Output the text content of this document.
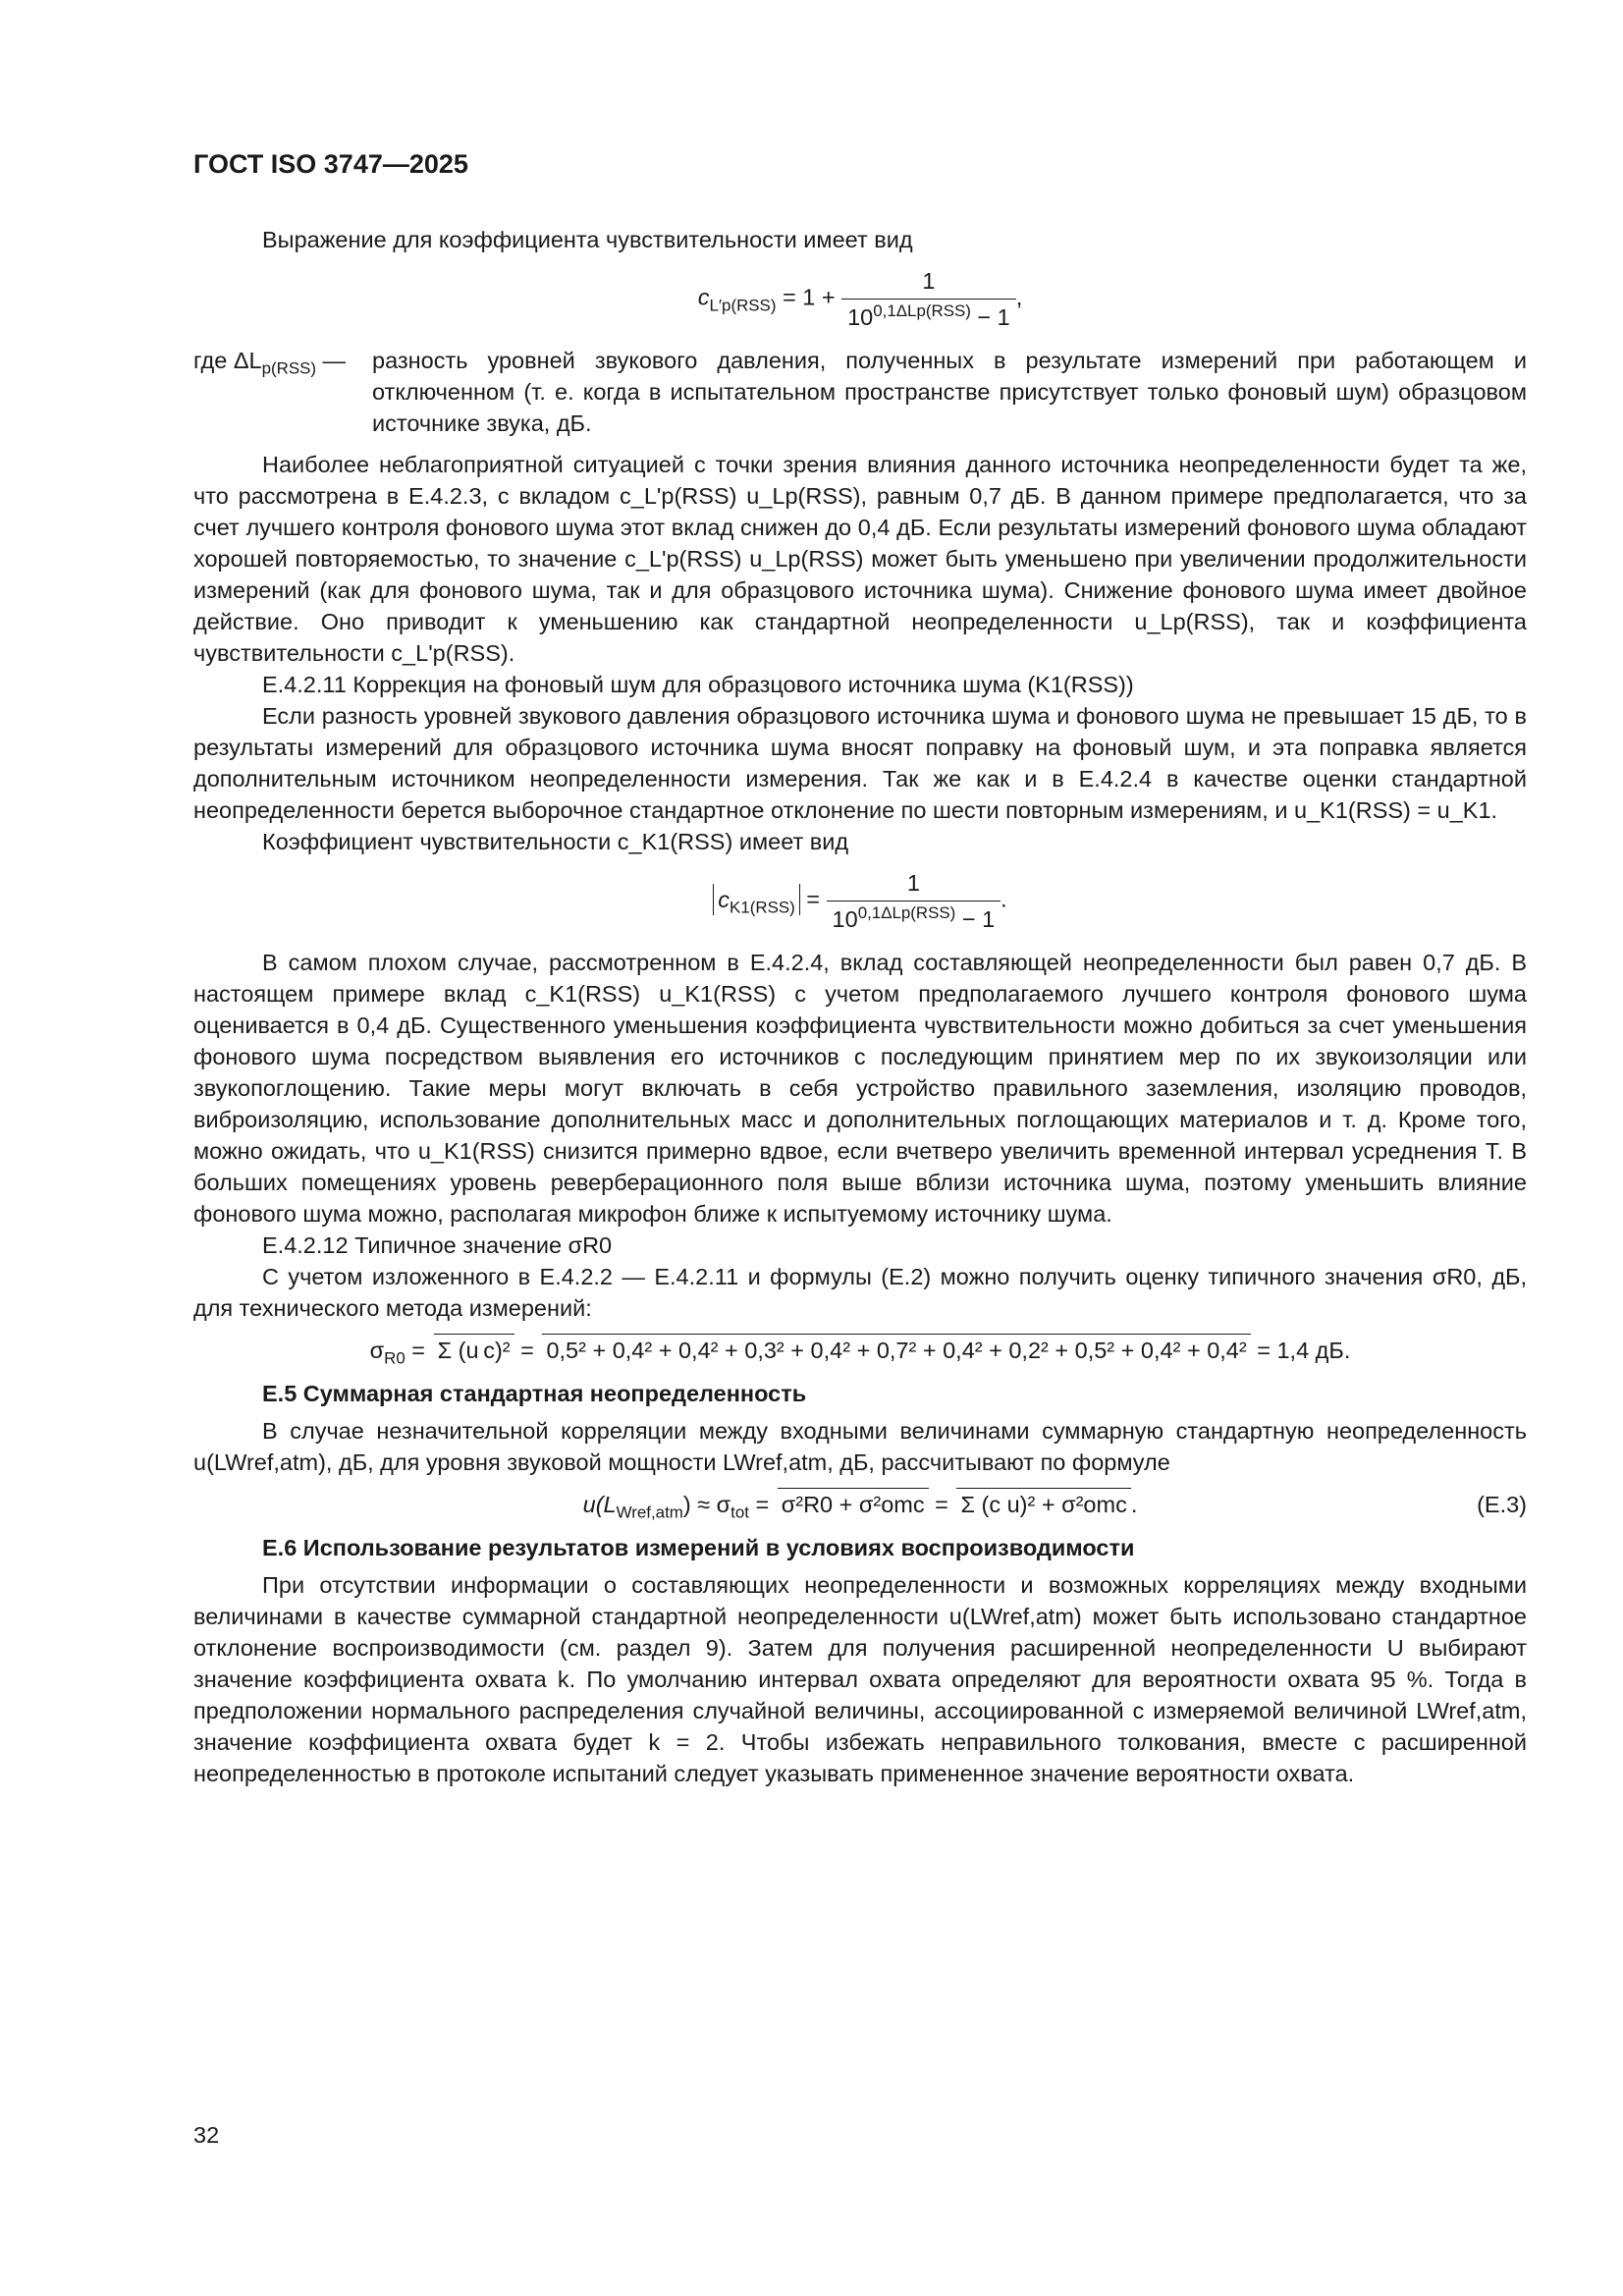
ГОСТ ISO 3747—2025

Выражение для коэффициента чувствительности имеет вид

$c_{L'p(RSS)} = 1 + \frac{1}{10^{0,1\Delta Lp(RSS)} - 1}$ ,
где $\Delta L_{p(RSS)}$ —	разность уровней звукового давления, полученных в результате измерений при работающем и отключенном (т. е. когда в испытательном пространстве присутствует только фоновый шум) образцовом источнике звука, дБ.

Наиболее неблагоприятной ситуацией с точки зрения влияния данного источника неопределенности будет та же, что рассмотрена в Е.4.2.3, с вкладом c_L'p(RSS) u_Lp(RSS), равным 0,7 дБ. В данном примере предполагается, что за счет лучшего контроля фонового шума этот вклад снижен до 0,4 дБ. Если результаты измерений фонового шума обладают хорошей повторяемостью, то значение c_L'p(RSS) u_Lp(RSS) может быть уменьшено при увеличении продолжительности измерений (как для фонового шума, так и для образцового источника шума). Снижение фонового шума имеет двойное действие. Оно приводит к уменьшению как стандартной неопределенности u_Lp(RSS), так и коэффициента чувствительности c_L'p(RSS).

Е.4.2.11 Коррекция на фоновый шум для образцового источника шума (K1(RSS))

Если разность уровней звукового давления образцового источника шума и фонового шума не превышает 15 дБ, то в результаты измерений для образцового источника шума вносят поправку на фоновый шум, и эта поправка является дополнительным источником неопределенности измерения. Так же как и в Е.4.2.4 в качестве оценки стандартной неопределенности берется выборочное стандартное отклонение по шести повторным измерениям, и u_K1(RSS) = u_K1.

Коэффициент чувствительности c_K1(RSS) имеет вид

$c_{K1(RSS)} = \frac{1}{10^{0,1\Delta Lp(RSS)} - 1}$ .

В самом плохом случае, рассмотренном в Е.4.2.4, вклад составляющей неопределенности был равен 0,7 дБ. В настоящем примере вклад c_K1(RSS) u_K1(RSS) с учетом предполагаемого лучшего контроля фонового шума оценивается в 0,4 дБ. Существенного уменьшения коэффициента чувствительности можно добиться за счет уменьшения фонового шума посредством выявления его источников с последующим принятием мер по их звукоизоляции или звукопоглощению. Такие меры могут включать в себя устройство правильного заземления, изоляцию проводов, виброизоляцию, использование дополнительных масс и дополнительных поглощающих материалов и т. д. Кроме того, можно ожидать, что u_K1(RSS) снизится примерно вдвое, если вчетверо увеличить временной интервал усреднения T. В больших помещениях уровень реверберационного поля выше вблизи источника шума, поэтому уменьшить влияние фонового шума можно, располагая микрофон ближе к испытуемому источнику шума.

Е.4.2.12 Типичное значение σR0

С учетом изложенного в Е.4.2.2 — Е.4.2.11 и формулы (Е.2) можно получить оценку типичного значения σR0, дБ, для технического метода измерений:

$\sigma_{R0} = \Sigma$ (u c)² = 0,5² + 0,4² + 0,4² + 0,3² + 0,4² + 0,7² + 0,4² + 0,2² + 0,5² + 0,4² + 0,4² = 1,4 дБ.

Е.5 Суммарная стандартная неопределенность

В случае незначительной корреляции между входными величинами суммарную стандартную неопределенность u(LWref,atm), дБ, для уровня звуковой мощности LWref,atm, дБ, рассчитывают по формуле

$u(L_{Wref,atm}) \approx \sigma_{tot} = \sigma^2R0 + \sigma^2omc = \Sigma$ (c u)² + σ²omc .	(Е.3)

Е.6 Использование результатов измерений в условиях воспроизводимости

При отсутствии информации о составляющих неопределенности и возможных корреляциях между входными величинами в качестве суммарной стандартной неопределенности u(LWref,atm) может быть использовано стандартное отклонение воспроизводимости (см. раздел 9). Затем для получения расширенной неопределенности U выбирают значение коэффициента охвата k. По умолчанию интервал охвата определяют для вероятности охвата 95 %. Тогда в предположении нормального распределения случайной величины, ассоциированной с измеряемой величиной LWref,atm, значение коэффициента охвата будет k = 2. Чтобы избежать неправильного толкования, вместе с расширенной неопределенностью в протоколе испытаний следует указывать примененное значение вероятности охвата.

32
